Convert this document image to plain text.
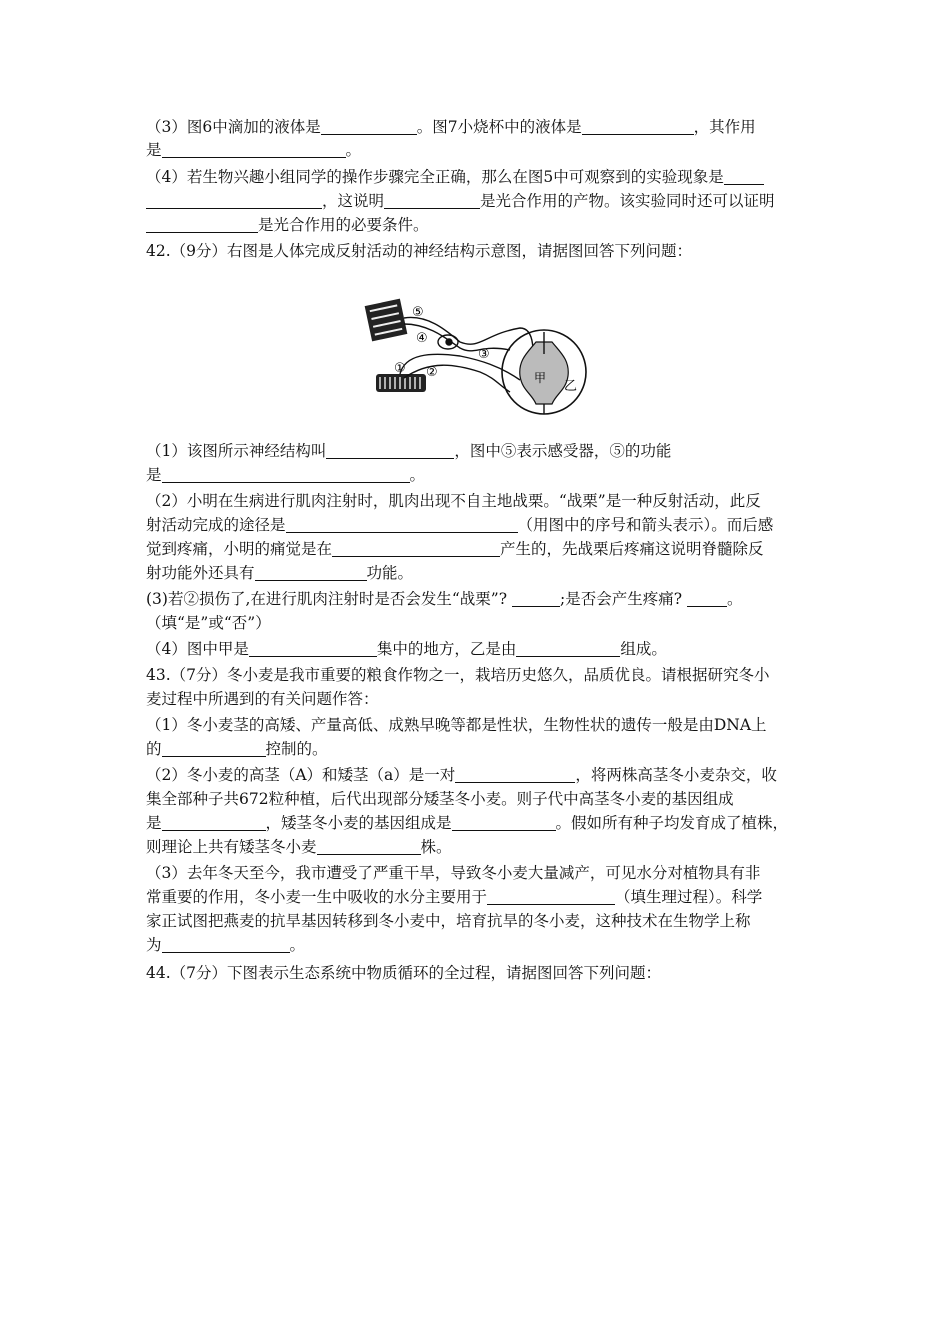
（3）图6中滴加的液体是	。图7小烧杯中的液体是	，其作用
是	。
（4）若生物兴趣小组同学的操作步骤完全正确，那么在图5中可观察到的实验现象是
，这说明	是光合作用的产物。该实验同时还可以证明
是光合作用的必要条件。
42.（9分）右图是人体完成反射活动的神经结构示意图，请据图回答下列问题：
⑤
④
③
① ②	甲
乙
（1）该图所示神经结构叫	，图中⑤表示感受器，⑤的功能
是	。
（2）小明在生病进行肌肉注射时，肌肉出现不自主地战栗。“战栗”是一种反射活动，此反
射活动完成的途径是	（用图中的序号和箭头表示）。而后感
觉到疼痛，小明的痛觉是在	产生的，先战栗后疼痛这说明脊髓除反
射功能外还具有	功能。
(3)若②损伤了,在进行肌肉注射时是否会发生“战栗”?	;是否会产生疼痛?	。
（填“是”或“否”）
（4）图中甲是	集中的地方，乙是由	组成。
43.（7分）冬小麦是我市重要的粮食作物之一，栽培历史悠久，品质优良。请根据研究冬小
麦过程中所遇到的有关问题作答：
（1）冬小麦茎的高矮、产量高低、成熟早晚等都是性状，生物性状的遗传一般是由DNA上
的	控制的。
（2）冬小麦的高茎（A）和矮茎（a）是一对	，将两株高茎冬小麦杂交，收
集全部种子共672粒种植，后代出现部分矮茎冬小麦。则子代中高茎冬小麦的基因组成
是	，矮茎冬小麦的基因组成是	。假如所有种子均发育成了植株，
则理论上共有矮茎冬小麦	株。
（3）去年冬天至今，我市遭受了严重干旱，导致冬小麦大量减产，可见水分对植物具有非
常重要的作用，冬小麦一生中吸收的水分主要用于	（填生理过程）。科学
家正试图把燕麦的抗旱基因转移到冬小麦中，培育抗旱的冬小麦，这种技术在生物学上称
为	。
44.（7分）下图表示生态系统中物质循环的全过程，请据图回答下列问题：
